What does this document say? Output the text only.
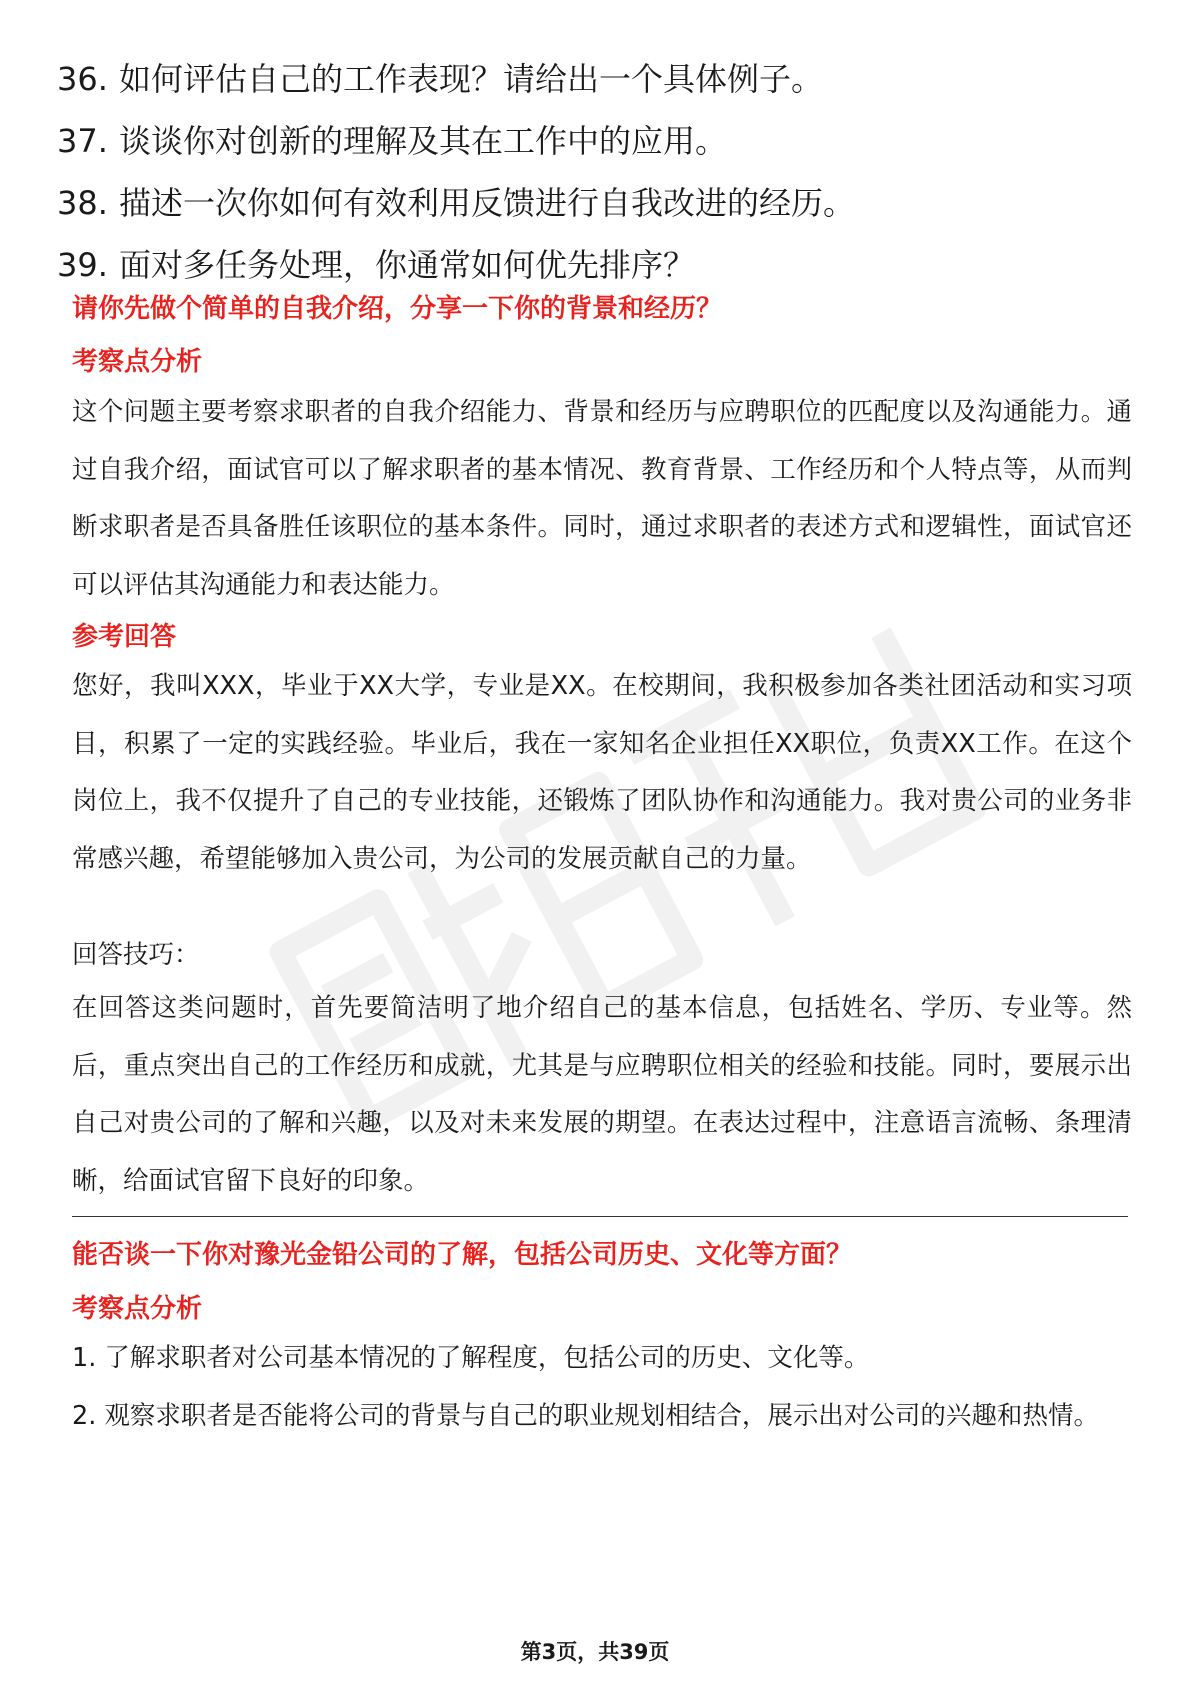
36. 如何评估自己的工作表现？请给出一个具体例子。
37. 谈谈你对创新的理解及其在工作中的应用。
38. 描述一次你如何有效利用反馈进行自我改进的经历。
39. 面对多任务处理，你通常如何优先排序？
请你先做个简单的自我介绍，分享一下你的背景和经历？
考察点分析

这个问题主要考察求职者的自我介绍能力、背景和经历与应聘职位的匹配度以及沟通能力。通过自我介绍，面试官可以了解求职者的基本情况、教育背景、工作经历和个人特点等，从而判断求职者是否具备胜任该职位的基本条件。同时，通过求职者的表述方式和逻辑性，面试官还可以评估其沟通能力和表达能力。

参考回答

您好，我叫XXX，毕业于XX大学，专业是XX。在校期间，我积极参加各类社团活动和实习项目，积累了一定的实践经验。毕业后，我在一家知名企业担任XX职位，负责XX工作。在这个岗位上，我不仅提升了自己的专业技能，还锻炼了团队协作和沟通能力。我对贵公司的业务非常感兴趣，希望能够加入贵公司，为公司的发展贡献自己的力量。

回答技巧：

在回答这类问题时，首先要简洁明了地介绍自己的基本信息，包括姓名、学历、专业等。然后，重点突出自己的工作经历和成就，尤其是与应聘职位相关的经验和技能。同时，要展示出自己对贵公司的了解和兴趣，以及对未来发展的期望。在表达过程中，注意语言流畅、条理清晰，给面试官留下良好的印象。

能否谈一下你对豫光金铅公司的了解，包括公司历史、文化等方面？
考察点分析

1. 了解求职者对公司基本情况的了解程度，包括公司的历史、文化等。

2. 观察求职者是否能将公司的背景与自己的职业规划相结合，展示出对公司的兴趣和热情。

第3页，共39页
